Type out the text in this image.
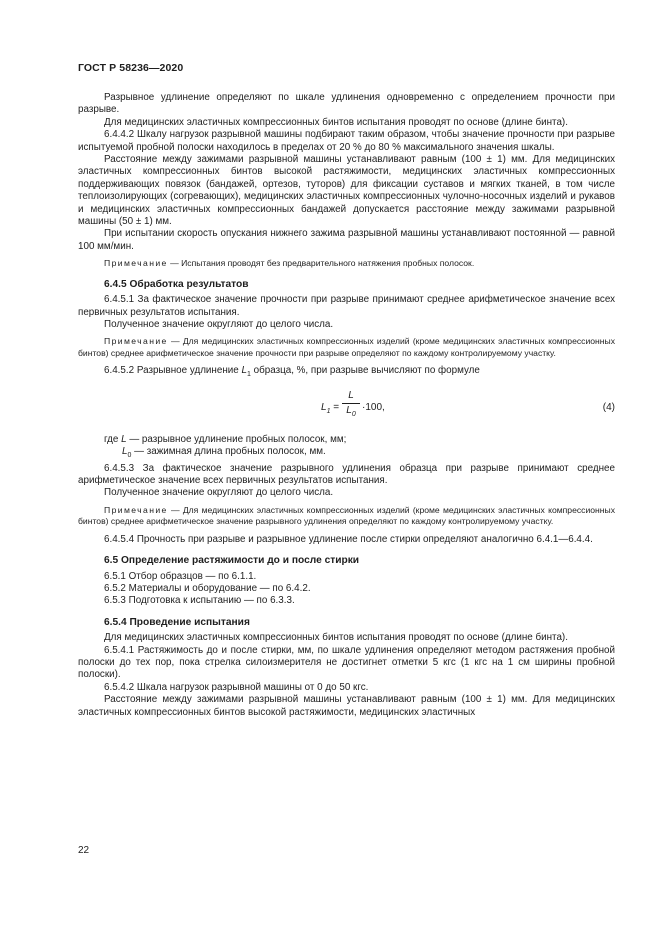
ГОСТ Р 58236—2020

Разрывное удлинение определяют по шкале удлинения одновременно с определением прочности при разрыве.

Для медицинских эластичных компрессионных бинтов испытания проводят по основе (длине бинта).

6.4.4.2 Шкалу нагрузок разрывной машины подбирают таким образом, чтобы значение прочности при разрыве испытуемой пробной полоски находилось в пределах от 20 % до 80 % максимального значения шкалы.

Расстояние между зажимами разрывной машины устанавливают равным (100 ± 1) мм. Для медицинских эластичных компрессионных бинтов высокой растяжимости, медицинских эластичных компрессионных поддерживающих повязок (бандажей, ортезов, туторов) для фиксации суставов и мягких тканей, в том числе теплоизолирующих (согревающих), медицинских эластичных компрессионных чулочно-носочных изделий и рукавов и медицинских эластичных компрессионных бандажей допускается расстояние между зажимами разрывной машины (50 ± 1) мм.

При испытании скорость опускания нижнего зажима разрывной машины устанавливают постоянной — равной 100 мм/мин.

Примечание — Испытания проводят без предварительного натяжения пробных полосок.

6.4.5 Обработка результатов

6.4.5.1 За фактическое значение прочности при разрыве принимают среднее арифметическое значение всех первичных результатов испытания.

Полученное значение округляют до целого числа.

Примечание — Для медицинских эластичных компрессионных изделий (кроме медицинских эластичных компрессионных бинтов) среднее арифметическое значение прочности при разрыве определяют по каждому контролируемому участку.

6.4.5.2 Разрывное удлинение $L_1$ образца, %, при разрыве вычисляют по формуле

$L_1 = \frac{L}{L_0} \cdot 100$,	(4)

где L — разрывное удлинение пробных полосок, мм;

$L_0$ — зажимная длина пробных полосок, мм.

6.4.5.3 За фактическое значение разрывного удлинения образца при разрыве принимают среднее арифметическое значение всех первичных результатов испытания.

Полученное значение округляют до целого числа.

Примечание — Для медицинских эластичных компрессионных изделий (кроме медицинских эластичных компрессионных бинтов) среднее арифметическое значение разрывного удлинения определяют по каждому контролируемому участку.

6.4.5.4 Прочность при разрыве и разрывное удлинение после стирки определяют аналогично 6.4.1—6.4.4.

6.5 Определение растяжимости до и после стирки

6.5.1 Отбор образцов — по 6.1.1.

6.5.2 Материалы и оборудование — по 6.4.2.

6.5.3 Подготовка к испытанию — по 6.3.3.

6.5.4 Проведение испытания

Для медицинских эластичных компрессионных бинтов испытания проводят по основе (длине бинта).

6.5.4.1 Растяжимость до и после стирки, мм, по шкале удлинения определяют методом растяжения пробной полоски до тех пор, пока стрелка силоизмерителя не достигнет отметки 5 кгс (1 кгс на 1 см ширины пробной полоски).

6.5.4.2 Шкала нагрузок разрывной машины от 0 до 50 кгс.

Расстояние между зажимами разрывной машины устанавливают равным (100 ± 1) мм. Для медицинских эластичных компрессионных бинтов высокой растяжимости, медицинских эластичных

22
